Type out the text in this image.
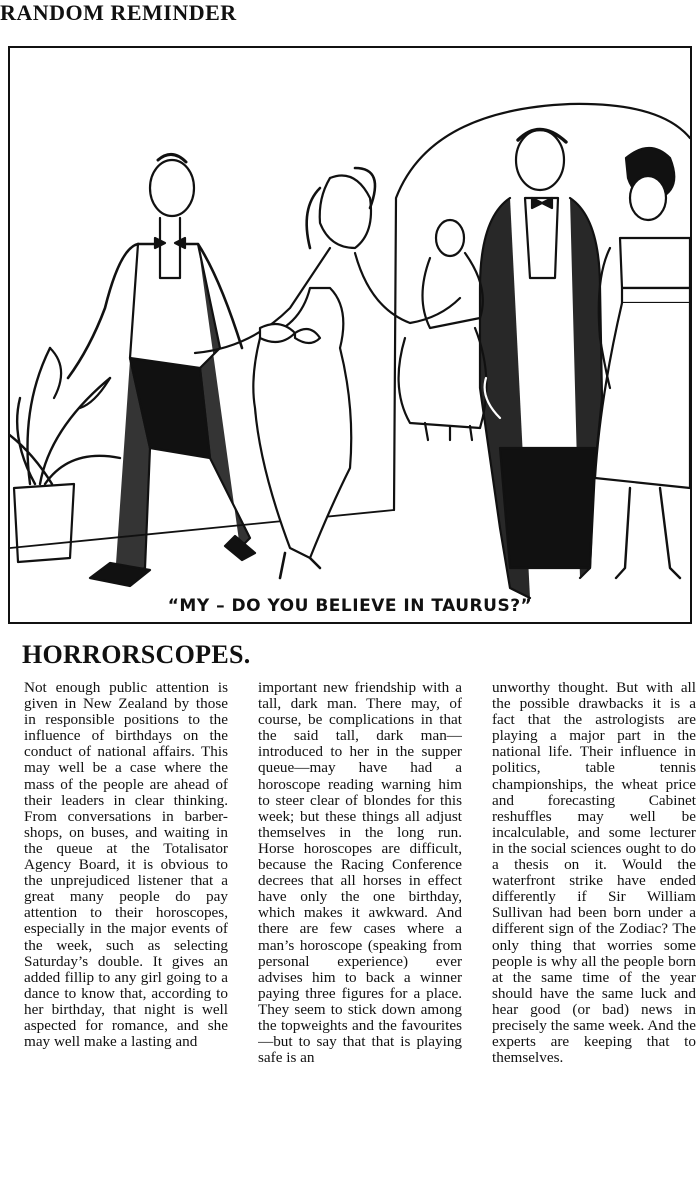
RANDOM REMINDER
“MY – DO YOU BELIEVE IN TAURUS?”
HORRORSCOPES.
Not enough public attention is given in New Zealand by those in responsible positions to the influence of birthdays on the conduct of national affairs. This may well be a case where the mass of the people are ahead of their leaders in clear thinking. From conversations in barber-shops, on buses, and waiting in the queue at the Totalisator Agency Board, it is obvious to the unprejudiced listener that a great many people do pay attention to their horoscopes, especially in the major events of the week, such as selecting Saturday’s double. It gives an added fillip to any girl going to a dance to know that, according to her birthday, that night is well aspected for romance, and she may well make a lasting and
important new friendship with a tall, dark man. There may, of course, be complications in that the said tall, dark man—introduced to her in the supper queue—may have had a horoscope reading warning him to steer clear of blondes for this week; but these things all adjust themselves in the long run. Horse horoscopes are difficult, because the Racing Conference decrees that all horses in effect have only the one birthday, which makes it awkward. And there are few cases where a man’s horoscope (speaking from personal experience) ever advises him to back a winner paying three figures for a place. They seem to stick down among the topweights and the favourites—but to say that that is playing safe is an
unworthy thought. But with all the possible drawbacks it is a fact that the astrologists are playing a major part in the national life. Their influence in politics, table tennis championships, the wheat price and forecasting Cabinet reshuffles may well be incalculable, and some lecturer in the social sciences ought to do a thesis on it. Would the waterfront strike have ended differently if Sir William Sullivan had been born under a different sign of the Zodiac? The only thing that worries some people is why all the people born at the same time of the year should have the same luck and hear good (or bad) news in precisely the same week. And the experts are keeping that to themselves.
